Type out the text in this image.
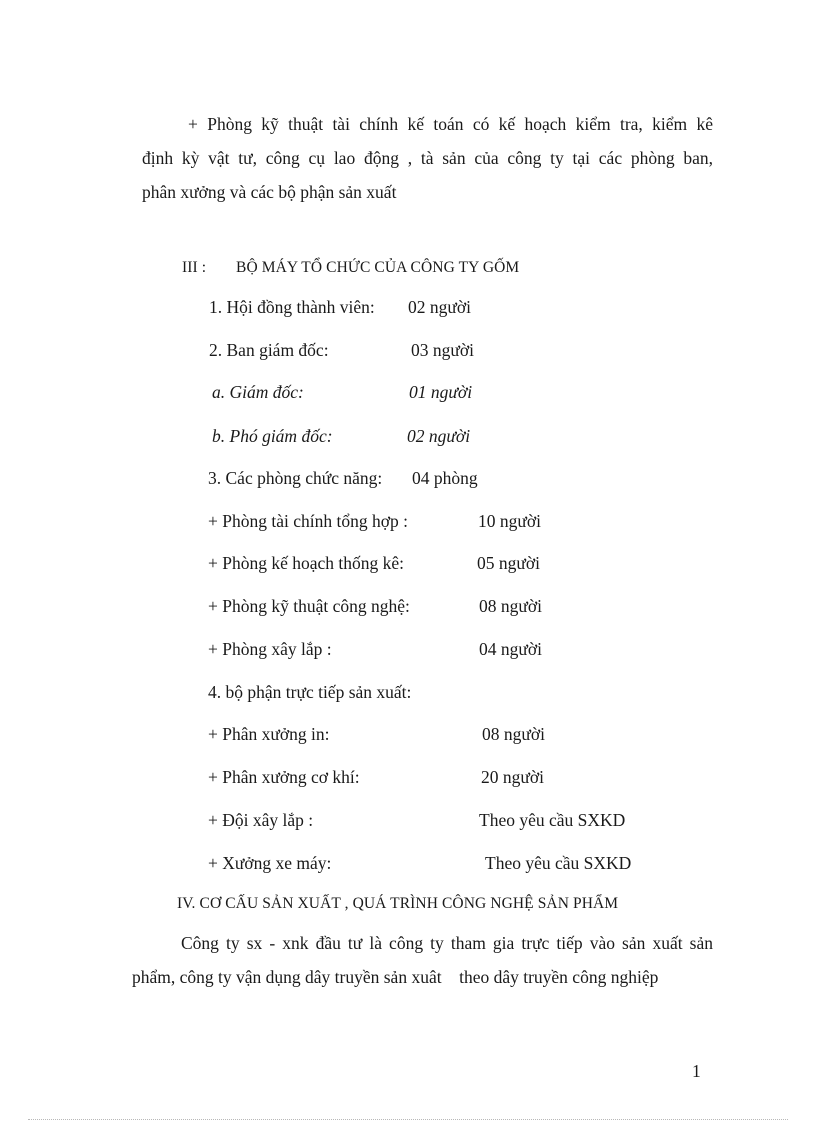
+ Phòng kỹ thuật tài chính kế toán có kế hoạch kiểm tra, kiểm kê
định kỳ vật tư, công cụ lao động , tà sản của công ty tại các phòng ban,
phân xưởng và các bộ phận sản xuất
III : BỘ MÁY TỔ CHỨC CỦA CÔNG TY GỐM
1. Hội đồng thành viên: 02 người
2. Ban giám đốc:	03 người
a. Giám đốc:	01 người
b. Phó giám đốc:	02 người
3. Các phòng chức năng: 04 phòng
+ Phòng tài chính tổng hợp :	10 người
+ Phòng kế hoạch thống kê:	05 người
+ Phòng kỹ thuật công nghệ:	08 người
+ Phòng xây lắp :	04 người
4. bộ phận trực tiếp sản xuất:
+ Phân xưởng in:	08 người
+ Phân xưởng cơ khí:	20 người
+ Đội xây lắp :	Theo yêu cầu SXKD
+ Xưởng xe máy:	Theo yêu cầu SXKD
IV. CƠ CẤU SẢN XUẤT , QUÁ TRÌNH CÔNG NGHỆ SẢN PHẨM
Công ty sx - xnk đầu tư là công ty tham gia trực tiếp vào sản xuất sản
phẩm, công ty vận dụng dây truyền sản xuât    theo dây truyền công nghiệp
1
